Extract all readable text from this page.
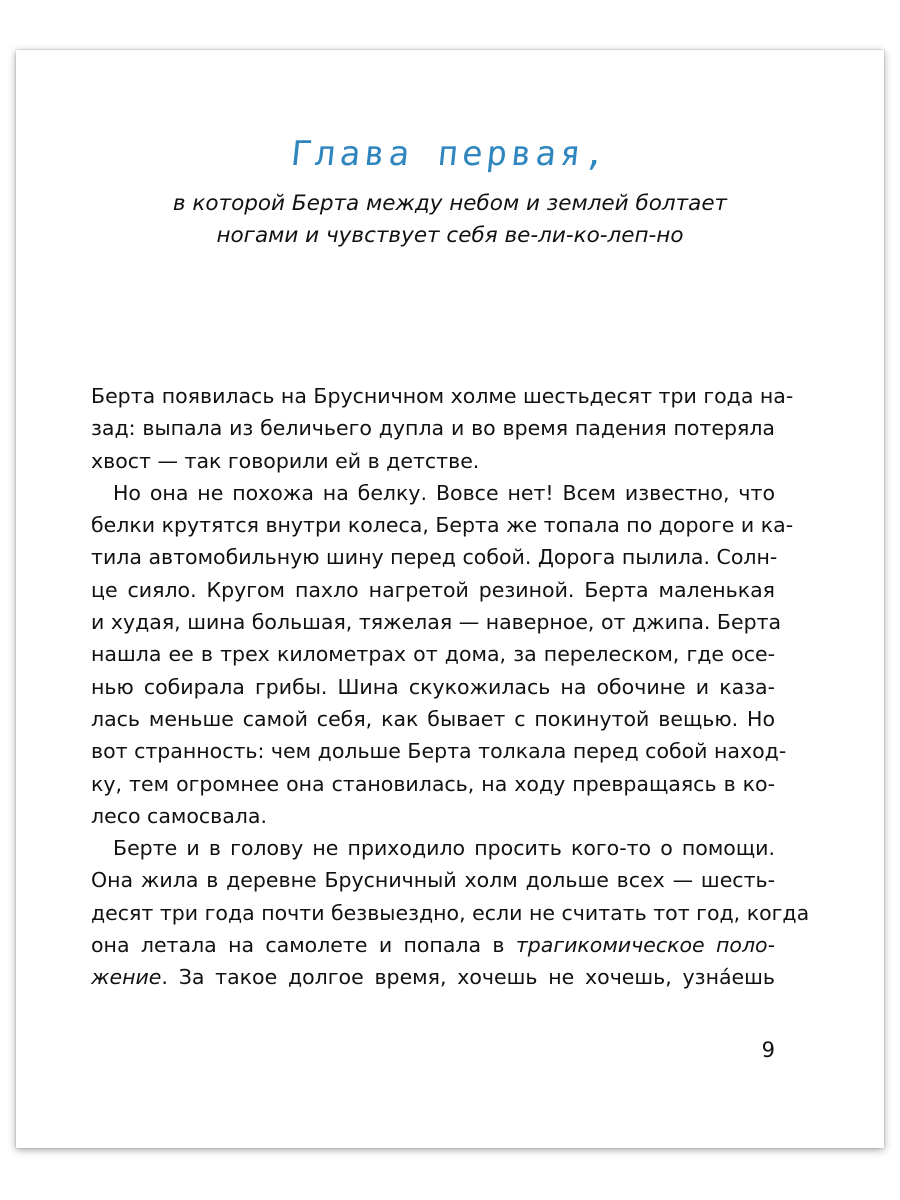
Глава первая,
в которой Берта между небом и землей болтает
ногами и чувствует себя ве-ли-ко-леп-но
Берта появилась на Брусничном холме шестьдесят три года на-
зад: выпала из беличьего дупла и во время падения потеряла
хвост — так говорили ей в детстве.
Но она не похожа на белку. Вовсе нет! Всем известно, что
белки крутятся внутри колеса, Берта же топала по дороге и ка-
тила автомобильную шину перед собой. Дорога пылила. Солн-
це сияло. Кругом пахло нагретой резиной. Берта маленькая
и худая, шина большая, тяжелая — наверное, от джипа. Берта
нашла ее в трех километрах от дома, за перелеском, где осе-
нью собирала грибы. Шина скукожилась на обочине и каза-
лась меньше самой себя, как бывает с покинутой вещью. Но
вот странность: чем дольше Берта толкала перед собой наход-
ку, тем огромнее она становилась, на ходу превращаясь в ко-
лесо самосвала.
Берте и в голову не приходило просить кого-то о помощи.
Она жила в деревне Брусничный холм дольше всех — шесть-
десят три года почти безвыездно, если не считать тот год, когда
она летала на самолете и попала в трагикомическое поло-
жение. За такое долгое время, хочешь не хочешь, узна́ешь
9
